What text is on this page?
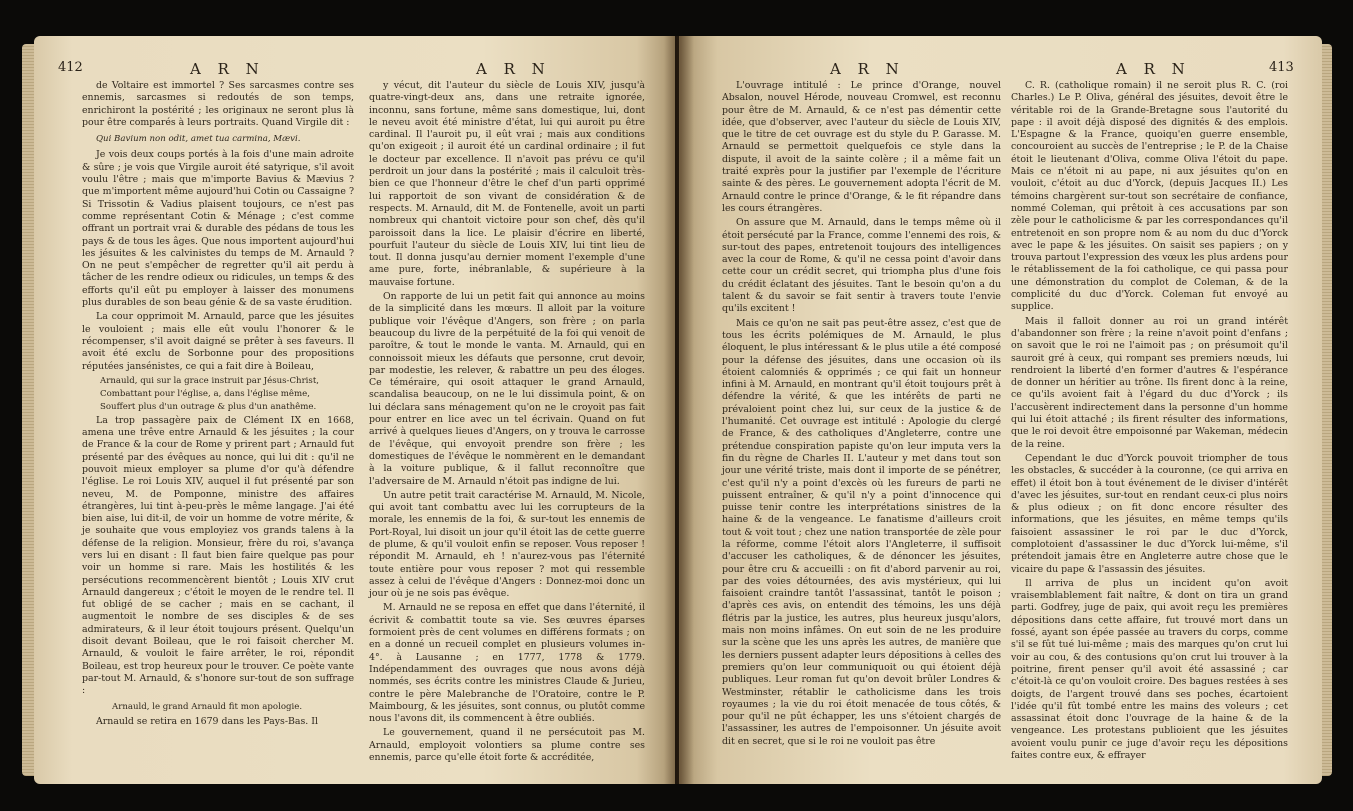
412	A R N	A R N	A R N	A R N	413

de Voltaire est immortel ? Ses sarcasmes contre ses ennemis, sarcasmes si redoutés de son temps, enrichiront la postérité ; les originaux ne seront plus là pour être comparés à leurs portraits. Quand Virgile dit :

Qui Bavium non odit, amet tua carmina, Mævi.

Je vois deux coups portés à la fois d'une main adroite & sûre ; je vois que Virgile auroit été satyrique, s'il avoit voulu l'être ; mais que m'importe Bavius & Mævius ? que m'importent même aujourd'hui Cotin ou Cassaigne ? Si Trissotin & Vadius plaisent toujours, ce n'est pas comme représentant Cotin & Ménage ; c'est comme offrant un portrait vrai & durable des pédans de tous les pays & de tous les âges. Que nous importent aujourd'hui les jésuites & les calvinistes du temps de M. Arnauld ? On ne peut s'empêcher de regretter qu'il ait perdu à tâcher de les rendre odieux ou ridicules, un temps & des efforts qu'il eût pu employer à laisser des monumens plus durables de son beau génie & de sa vaste érudition.

La cour opprimoit M. Arnauld, parce que les jésuites le vouloient ; mais elle eût voulu l'honorer & le récompenser, s'il avoit daigné se prêter à ses faveurs. Il avoit été exclu de Sorbonne pour des propositions réputées jansénistes, ce qui a fait dire à Boileau,

Arnauld, qui sur la grace instruit par Jésus-Christ,

Combattant pour l'église, a, dans l'église même,

Souffert plus d'un outrage & plus d'un anathême.

La trop passagère paix de Clément IX en 1668, amena une trêve entre Arnauld & les jésuites ; la cour de France & la cour de Rome y prirent part ; Arnauld fut présenté par des évêques au nonce, qui lui dit : qu'il ne pouvoit mieux employer sa plume d'or qu'à défendre l'église. Le roi Louis XIV, auquel il fut présenté par son neveu, M. de Pomponne, ministre des affaires étrangères, lui tint à-peu-près le même langage. J'ai été bien aise, lui dit-il, de voir un homme de votre mérite, & je souhaite que vous employiez vos grands talens à la défense de la religion. Monsieur, frère du roi, s'avança vers lui en disant : Il faut bien faire quelque pas pour voir un homme si rare. Mais les hostilités & les persécutions recommencèrent bientôt ; Louis XIV crut Arnauld dangereux ; c'étoit le moyen de le rendre tel. Il fut obligé de se cacher ; mais en se cachant, il augmentoit le nombre de ses disciples & de ses admirateurs, & il leur étoit toujours présent. Quelqu'un disoit devant Boileau, que le roi faisoit chercher M. Arnauld, & vouloit le faire arrêter, le roi, répondit Boileau, est trop heureux pour le trouver. Ce poète vante par-tout M. Arnauld, & s'honore sur-tout de son suffrage :

Arnauld, le grand Arnauld fit mon apologie.

Arnauld se retira en 1679 dans les Pays-Bas. Il

y vécut, dit l'auteur du siècle de Louis XIV, jusqu'à quatre-vingt-deux ans, dans une retraite ignorée, inconnu, sans fortune, même sans domestique, lui, dont le neveu avoit été ministre d'état, lui qui auroit pu être cardinal. Il l'auroit pu, il eût vrai ; mais aux conditions qu'on exigeoit ; il auroit été un cardinal ordinaire ; il fut le docteur par excellence. Il n'avoit pas prévu ce qu'il perdroit un jour dans la postérité ; mais il calculoit très-bien ce que l'honneur d'être le chef d'un parti opprimé lui rapportoit de son vivant de considération & de respects. M. Arnauld, dit M. de Fontenelle, avoit un parti nombreux qui chantoit victoire pour son chef, dès qu'il paroissoit dans la lice. Le plaisir d'écrire en liberté, pourfuit l'auteur du siècle de Louis XIV, lui tint lieu de tout. Il donna jusqu'au dernier moment l'exemple d'une ame pure, forte, inébranlable, & supérieure à la mauvaise fortune.

On rapporte de lui un petit fait qui annonce au moins de la simplicité dans les mœurs. Il alloit par la voiture publique voir l'évêque d'Angers, son frère ; on parla beaucoup du livre de la perpétuité de la foi qui venoit de paroître, & tout le monde le vanta. M. Arnauld, qui en connoissoit mieux les défauts que personne, crut devoir, par modestie, les relever, & rabattre un peu des éloges. Ce téméraire, qui osoit attaquer le grand Arnauld, scandalisa beaucoup, on ne le lui dissimula point, & on lui déclara sans ménagement qu'on ne le croyoit pas fait pour entrer en lice avec un tel écrivain. Quand on fut arrivé à quelques lieues d'Angers, on y trouva le carrosse de l'évêque, qui envoyoit prendre son frère ; les domestiques de l'évêque le nommèrent en le demandant à la voiture publique, & il fallut reconnoître que l'adversaire de M. Arnauld n'étoit pas indigne de lui.

Un autre petit trait caractérise M. Arnauld, M. Nicole, qui avoit tant combattu avec lui les corrupteurs de la morale, les ennemis de la foi, & sur-tout les ennemis de Port-Royal, lui disoit un jour qu'il étoit las de cette guerre de plume, & qu'il vouloit enfin se reposer. Vous reposer ! répondit M. Arnauld, eh ! n'aurez-vous pas l'éternité toute entière pour vous reposer ? mot qui ressemble assez à celui de l'évêque d'Angers : Donnez-moi donc un jour où je ne sois pas évêque.

M. Arnauld ne se reposa en effet que dans l'éternité, il écrivit & combattit toute sa vie. Ses œuvres éparses formoient près de cent volumes en différens formats ; on en a donné un recueil complet en plusieurs volumes in-4°. à Lausanne ; en 1777, 1778 & 1779. Indépendamment des ouvrages que nous avons déjà nommés, ses écrits contre les ministres Claude & Jurieu, contre le père Malebranche de l'Oratoire, contre le P. Maimbourg, & les jésuites, sont connus, ou plutôt comme nous l'avons dit, ils commencent à être oubliés.

Le gouvernement, quand il ne persécutoit pas M. Arnauld, employoit volontiers sa plume contre ses ennemis, parce qu'elle étoit forte & accréditée,

L'ouvrage intitulé : Le prince d'Orange, nouvel Absalon, nouvel Hérode, nouveau Cromwel, est reconnu pour être de M. Arnauld, & ce n'est pas démentir cette idée, que d'observer, avec l'auteur du siècle de Louis XIV, que le titre de cet ouvrage est du style du P. Garasse. M. Arnauld se permettoit quelquefois ce style dans la dispute, il avoit de la sainte colère ; il a même fait un traité exprès pour la justifier par l'exemple de l'écriture sainte & des pères. Le gouvernement adopta l'écrit de M. Arnauld contre le prince d'Orange, & le fit répandre dans les cours étrangères.

On assure que M. Arnauld, dans le temps même où il étoit persécuté par la France, comme l'ennemi des rois, & sur-tout des papes, entretenoit toujours des intelligences avec la cour de Rome, & qu'il ne cessa point d'avoir dans cette cour un crédit secret, qui triompha plus d'une fois du crédit éclatant des jésuites. Tant le besoin qu'on a du talent & du savoir se fait sentir à travers toute l'envie qu'ils excitent !

Mais ce qu'on ne sait pas peut-être assez, c'est que de tous les écrits polémiques de M. Arnauld, le plus éloquent, le plus intéressant & le plus utile a été composé pour la défense des jésuites, dans une occasion où ils étoient calomniés & opprimés ; ce qui fait un honneur infini à M. Arnauld, en montrant qu'il étoit toujours prêt à défendre la vérité, & que les intérêts de parti ne prévaloient point chez lui, sur ceux de la justice & de l'humanité. Cet ouvrage est intitulé : Apologie du clergé de France, & des catholiques d'Angleterre, contre une prétendue conspiration papiste qu'on leur imputa vers la fin du règne de Charles II. L'auteur y met dans tout son jour une vérité triste, mais dont il importe de se pénétrer, c'est qu'il n'y a point d'excès où les fureurs de parti ne puissent entraîner, & qu'il n'y a point d'innocence qui puisse tenir contre les interprétations sinistres de la haine & de la vengeance. Le fanatisme d'ailleurs croit tout & voit tout ; chez une nation transportée de zèle pour la réforme, comme l'étoit alors l'Angleterre, il suffisoit d'accuser les catholiques, & de dénoncer les jésuites, pour être cru & accueilli : on fit d'abord parvenir au roi, par des voies détournées, des avis mystérieux, qui lui faisoient craindre tantôt l'assassinat, tantôt le poison ; d'après ces avis, on entendit des témoins, les uns déjà flétris par la justice, les autres, plus heureux jusqu'alors, mais non moins infâmes. On eut soin de ne les produire sur la scène que les uns après les autres, de manière que les derniers pussent adapter leurs dépositions à celles des premiers qu'on leur communiquoit ou qui étoient déjà publiques. Leur roman fut qu'on devoit brûler Londres & Westminster, rétablir le catholicisme dans les trois royaumes ; la vie du roi étoit menacée de tous côtés, & pour qu'il ne pût échapper, les uns s'étoient chargés de l'assassiner, les autres de l'empoisonner. Un jésuite avoit dit en secret, que si le roi ne vouloit pas être

C. R. (catholique romain) il ne seroit plus R. C. (roi Charles.) Le P. Oliva, général des jésuites, devoit être le véritable roi de la Grande-Bretagne sous l'autorité du pape : il avoit déjà disposé des dignités & des emplois. L'Espagne & la France, quoiqu'en guerre ensemble, concouroient au succès de l'entreprise ; le P. de la Chaise étoit le lieutenant d'Oliva, comme Oliva l'étoit du pape. Mais ce n'étoit ni au pape, ni aux jésuites qu'on en vouloit, c'étoit au duc d'Yorck, (depuis Jacques II.) Les témoins chargèrent sur-tout son secrétaire de confiance, nommé Coleman, qui prêtoit à ces accusations par son zèle pour le catholicisme & par les correspondances qu'il entretenoit en son propre nom & au nom du duc d'Yorck avec le pape & les jésuites. On saisit ses papiers ; on y trouva partout l'expression des vœux les plus ardens pour le rétablissement de la foi catholique, ce qui passa pour une démonstration du complot de Coleman, & de la complicité du duc d'Yorck. Coleman fut envoyé au supplice.

Mais il falloit donner au roi un grand intérêt d'abandonner son frère ; la reine n'avoit point d'enfans ; on savoit que le roi ne l'aimoit pas ; on présumoit qu'il sauroit gré à ceux, qui rompant ses premiers nœuds, lui rendroient la liberté d'en former d'autres & l'espérance de donner un héritier au trône. Ils firent donc à la reine, ce qu'ils avoient fait à l'égard du duc d'Yorck ; ils l'accusèrent indirectement dans la personne d'un homme qui lui étoit attaché ; ils firent résulter des informations, que le roi devoit être empoisonné par Wakeman, médecin de la reine.

Cependant le duc d'Yorck pouvoit triompher de tous les obstacles, & succéder à la couronne, (ce qui arriva en effet) il étoit bon à tout événement de le diviser d'intérêt d'avec les jésuites, sur-tout en rendant ceux-ci plus noirs & plus odieux ; on fit donc encore résulter des informations, que les jésuites, en même temps qu'ils faisoient assassiner le roi par le duc d'Yorck, complotoient d'assassiner le duc d'Yorck lui-même, s'il prétendoit jamais être en Angleterre autre chose que le vicaire du pape & l'assassin des jésuites.

Il arriva de plus un incident qu'on avoit vraisemblablement fait naître, & dont on tira un grand parti. Godfrey, juge de paix, qui avoit reçu les premières dépositions dans cette affaire, fut trouvé mort dans un fossé, ayant son épée passée au travers du corps, comme s'il se fût tué lui-même ; mais des marques qu'on crut lui voir au cou, & des contusions qu'on crut lui trouver à la poitrine, firent penser qu'il avoit été assassiné ; car c'étoit-là ce qu'on vouloit croire. Des bagues restées à ses doigts, de l'argent trouvé dans ses poches, écartoient l'idée qu'il fût tombé entre les mains des voleurs ; cet assassinat étoit donc l'ouvrage de la haine & de la vengeance. Les protestans publioient que les jésuites avoient voulu punir ce juge d'avoir reçu les dépositions faites contre eux, & effrayer
